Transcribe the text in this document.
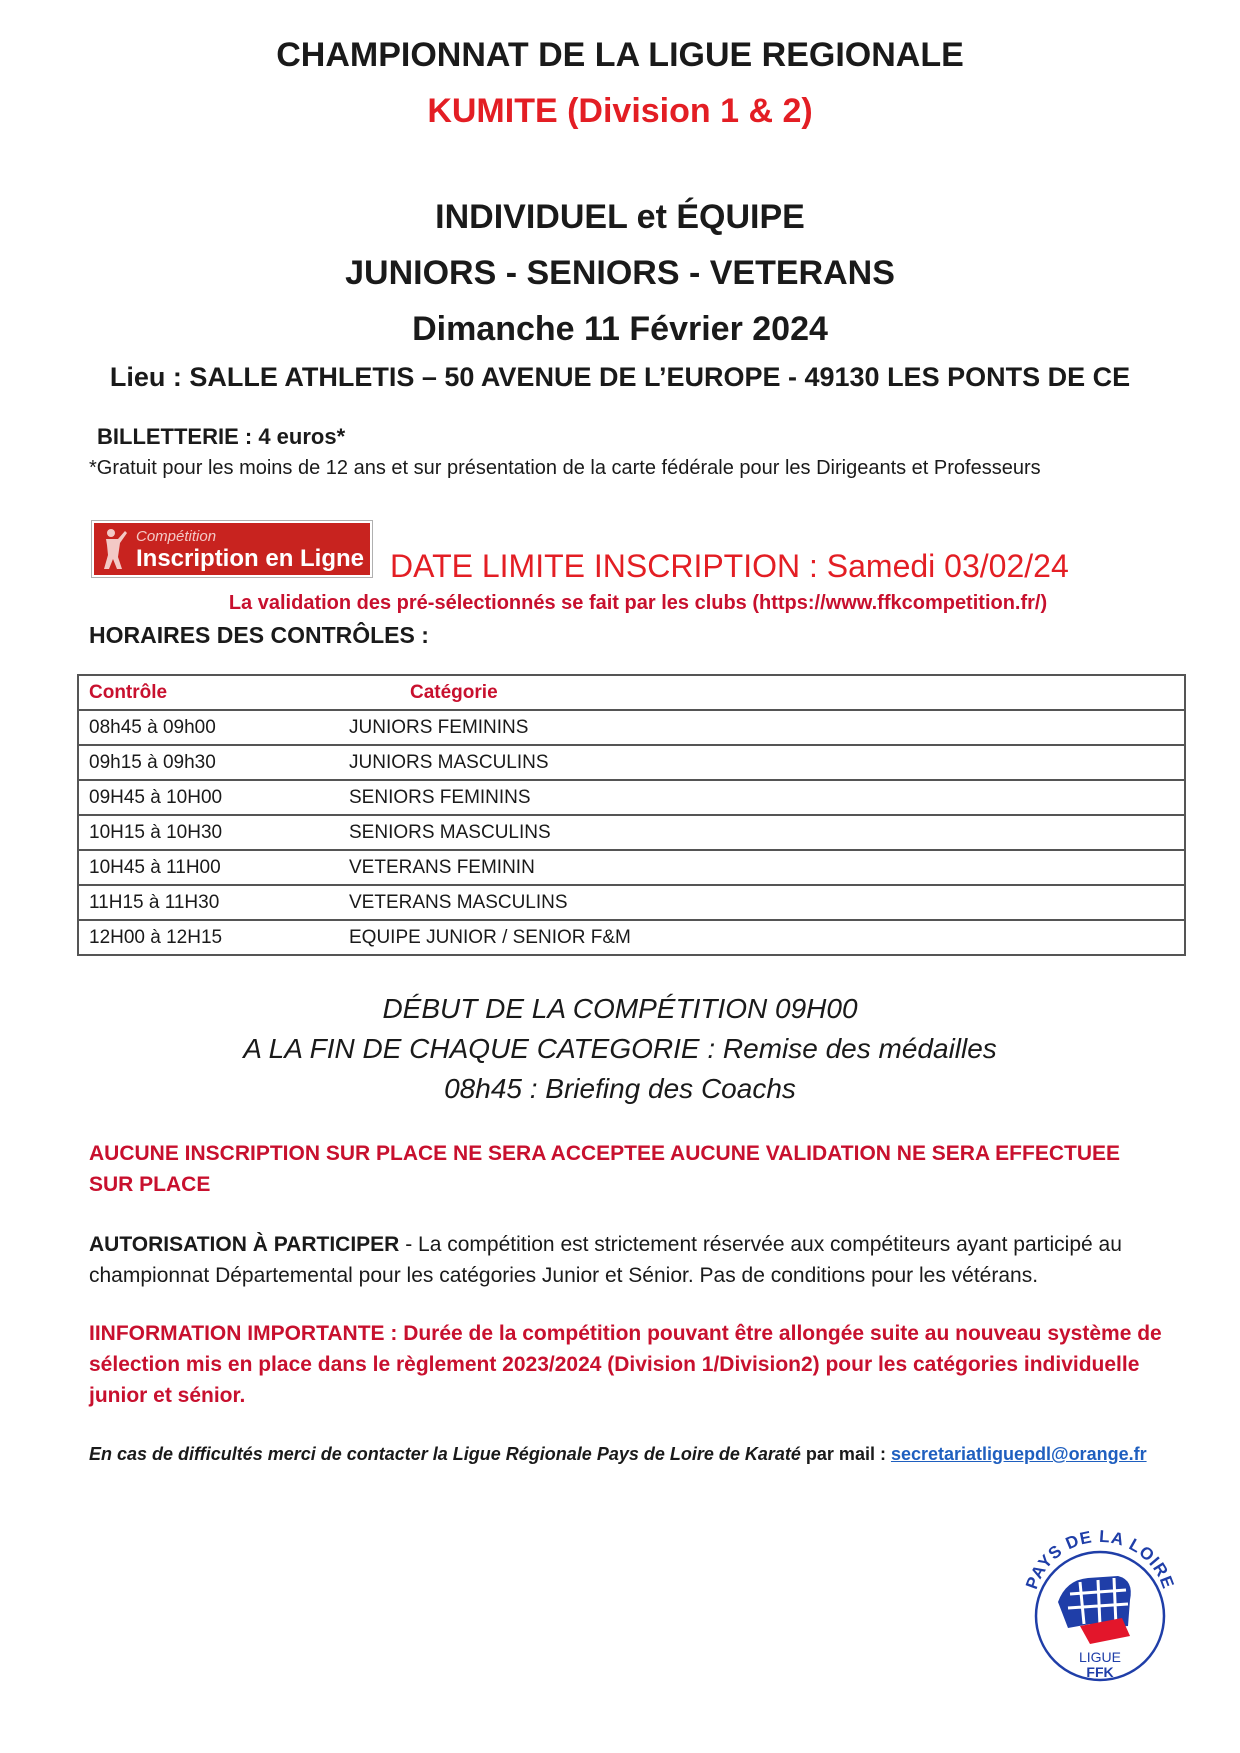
CHAMPIONNAT DE LA LIGUE REGIONALE
KUMITE (Division 1 & 2)
INDIVIDUEL et ÉQUIPE
JUNIORS - SENIORS - VETERANS
Dimanche 11 Février 2024
Lieu : SALLE ATHLETIS – 50 AVENUE DE L’EUROPE - 49130 LES PONTS DE CE
BILLETTERIE : 4 euros*
*Gratuit pour les moins de 12 ans et sur présentation de la carte fédérale pour les Dirigeants et Professeurs
Compétition
Inscription en Ligne DATE LIMITE INSCRIPTION : Samedi 03/02/24
La validation des pré-sélectionnés se fait par les clubs (https://www.ffkcompetition.fr/)
HORAIRES DES CONTRÔLES :
Contrôle	Catégorie
08h45 à 09h00	JUNIORS FEMININS
09h15 à 09h30	JUNIORS MASCULINS
09H45 à 10H00	SENIORS FEMININS
10H15 à 10H30	SENIORS MASCULINS
10H45 à 11H00	VETERANS FEMININ
11H15 à 11H30	VETERANS MASCULINS
12H00 à 12H15	EQUIPE JUNIOR / SENIOR F&M
DÉBUT DE LA COMPÉTITION 09H00
A LA FIN DE CHAQUE CATEGORIE : Remise des médailles
08h45 : Briefing des Coachs
AUCUNE INSCRIPTION SUR PLACE NE SERA ACCEPTEE AUCUNE VALIDATION NE SERA EFFECTUEE SUR PLACE
AUTORISATION À PARTICIPER - La compétition est strictement réservée aux compétiteurs ayant participé au championnat Départemental pour les catégories Junior et Sénior. Pas de conditions pour les vétérans.
IINFORMATION IMPORTANTE : Durée de la compétition pouvant être allongée suite au nouveau système de sélection mis en place dans le règlement 2023/2024 (Division 1/Division2) pour les catégories individuelle junior et sénior.
En cas de difficultés merci de contacter la Ligue Régionale Pays de Loire de Karaté par mail : secretariatliguepdl@orange.fr
PAYS DE LA LOIRE
LIGUE
FFK
